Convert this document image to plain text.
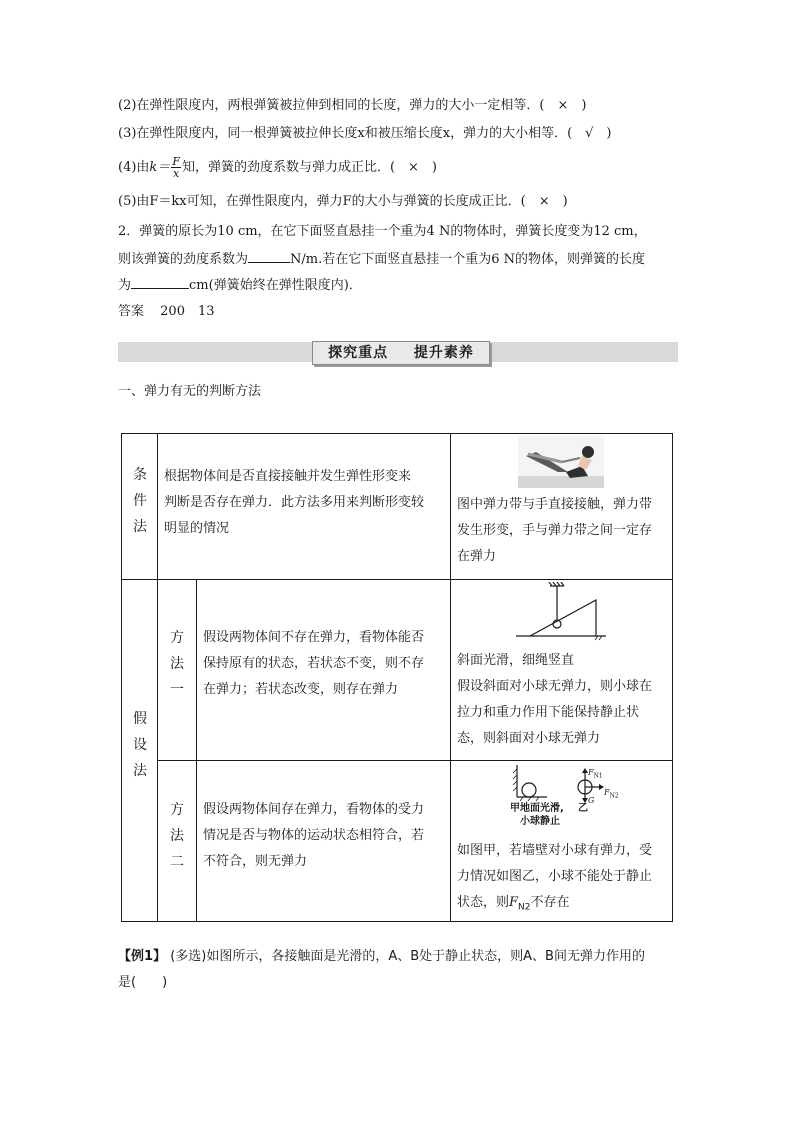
(2)在弹性限度内，两根弹簧被拉伸到相同的长度，弹力的大小一定相等．(　×　)
(3)在弹性限度内，同一根弹簧被拉伸长度x和被压缩长度x，弹力的大小相等．(　√　)
(4)由$k= \frac{F}{x}$ 知，弹簧的劲度系数与弹力成正比．(　×　)
(5)由F＝kx可知，在弹性限度内，弹力F的大小与弹簧的长度成正比．(　×　)
2．弹簧的原长为10 cm，在它下面竖直悬挂一个重为4 N的物体时，弹簧长度变为12 cm，
则该弹簧的劲度系数为	N/m.若在它下面竖直悬挂一个重为6 N的物体，则弹簧的长度
为	cm(弹簧始终在弹性限度内)．
答案 200　13
探究重点 提升素养
一、弹力有无的判断方法
条
件
法
根据物体间是否直接接触并发生弹性形变来
判断是否存在弹力．此方法多用来判断形变较
明显的情况
图中弹力带与手直接接触，弹力带
发生形变，手与弹力带之间一定存
在弹力
假
设
法
方
法
一
假设两物体间不存在弹力，看物体能否
保持原有的状态，若状态不变，则不存
在弹力；若状态改变，则存在弹力
斜面光滑，细绳竖直
假设斜面对小球无弹力，则小球在
拉力和重力作用下能保持静止状
态，则斜面对小球无弹力
方
法
二
假设两物体间存在弹力，看物体的受力
情况是否与物体的运动状态相符合，若
不符合，则无弹力
$F_{N1}$
$F_{N2}$
G
甲地面光滑, 乙
小球静止
如图甲，若墙壁对小球有弹力，受
力情况如图乙，小球不能处于静止
状态，则$F_{N2}$不存在
【例1】 (多选)如图所示，各接触面是光滑的，A、B处于静止状态，则A、B间无弹力作用的
是(　　)
